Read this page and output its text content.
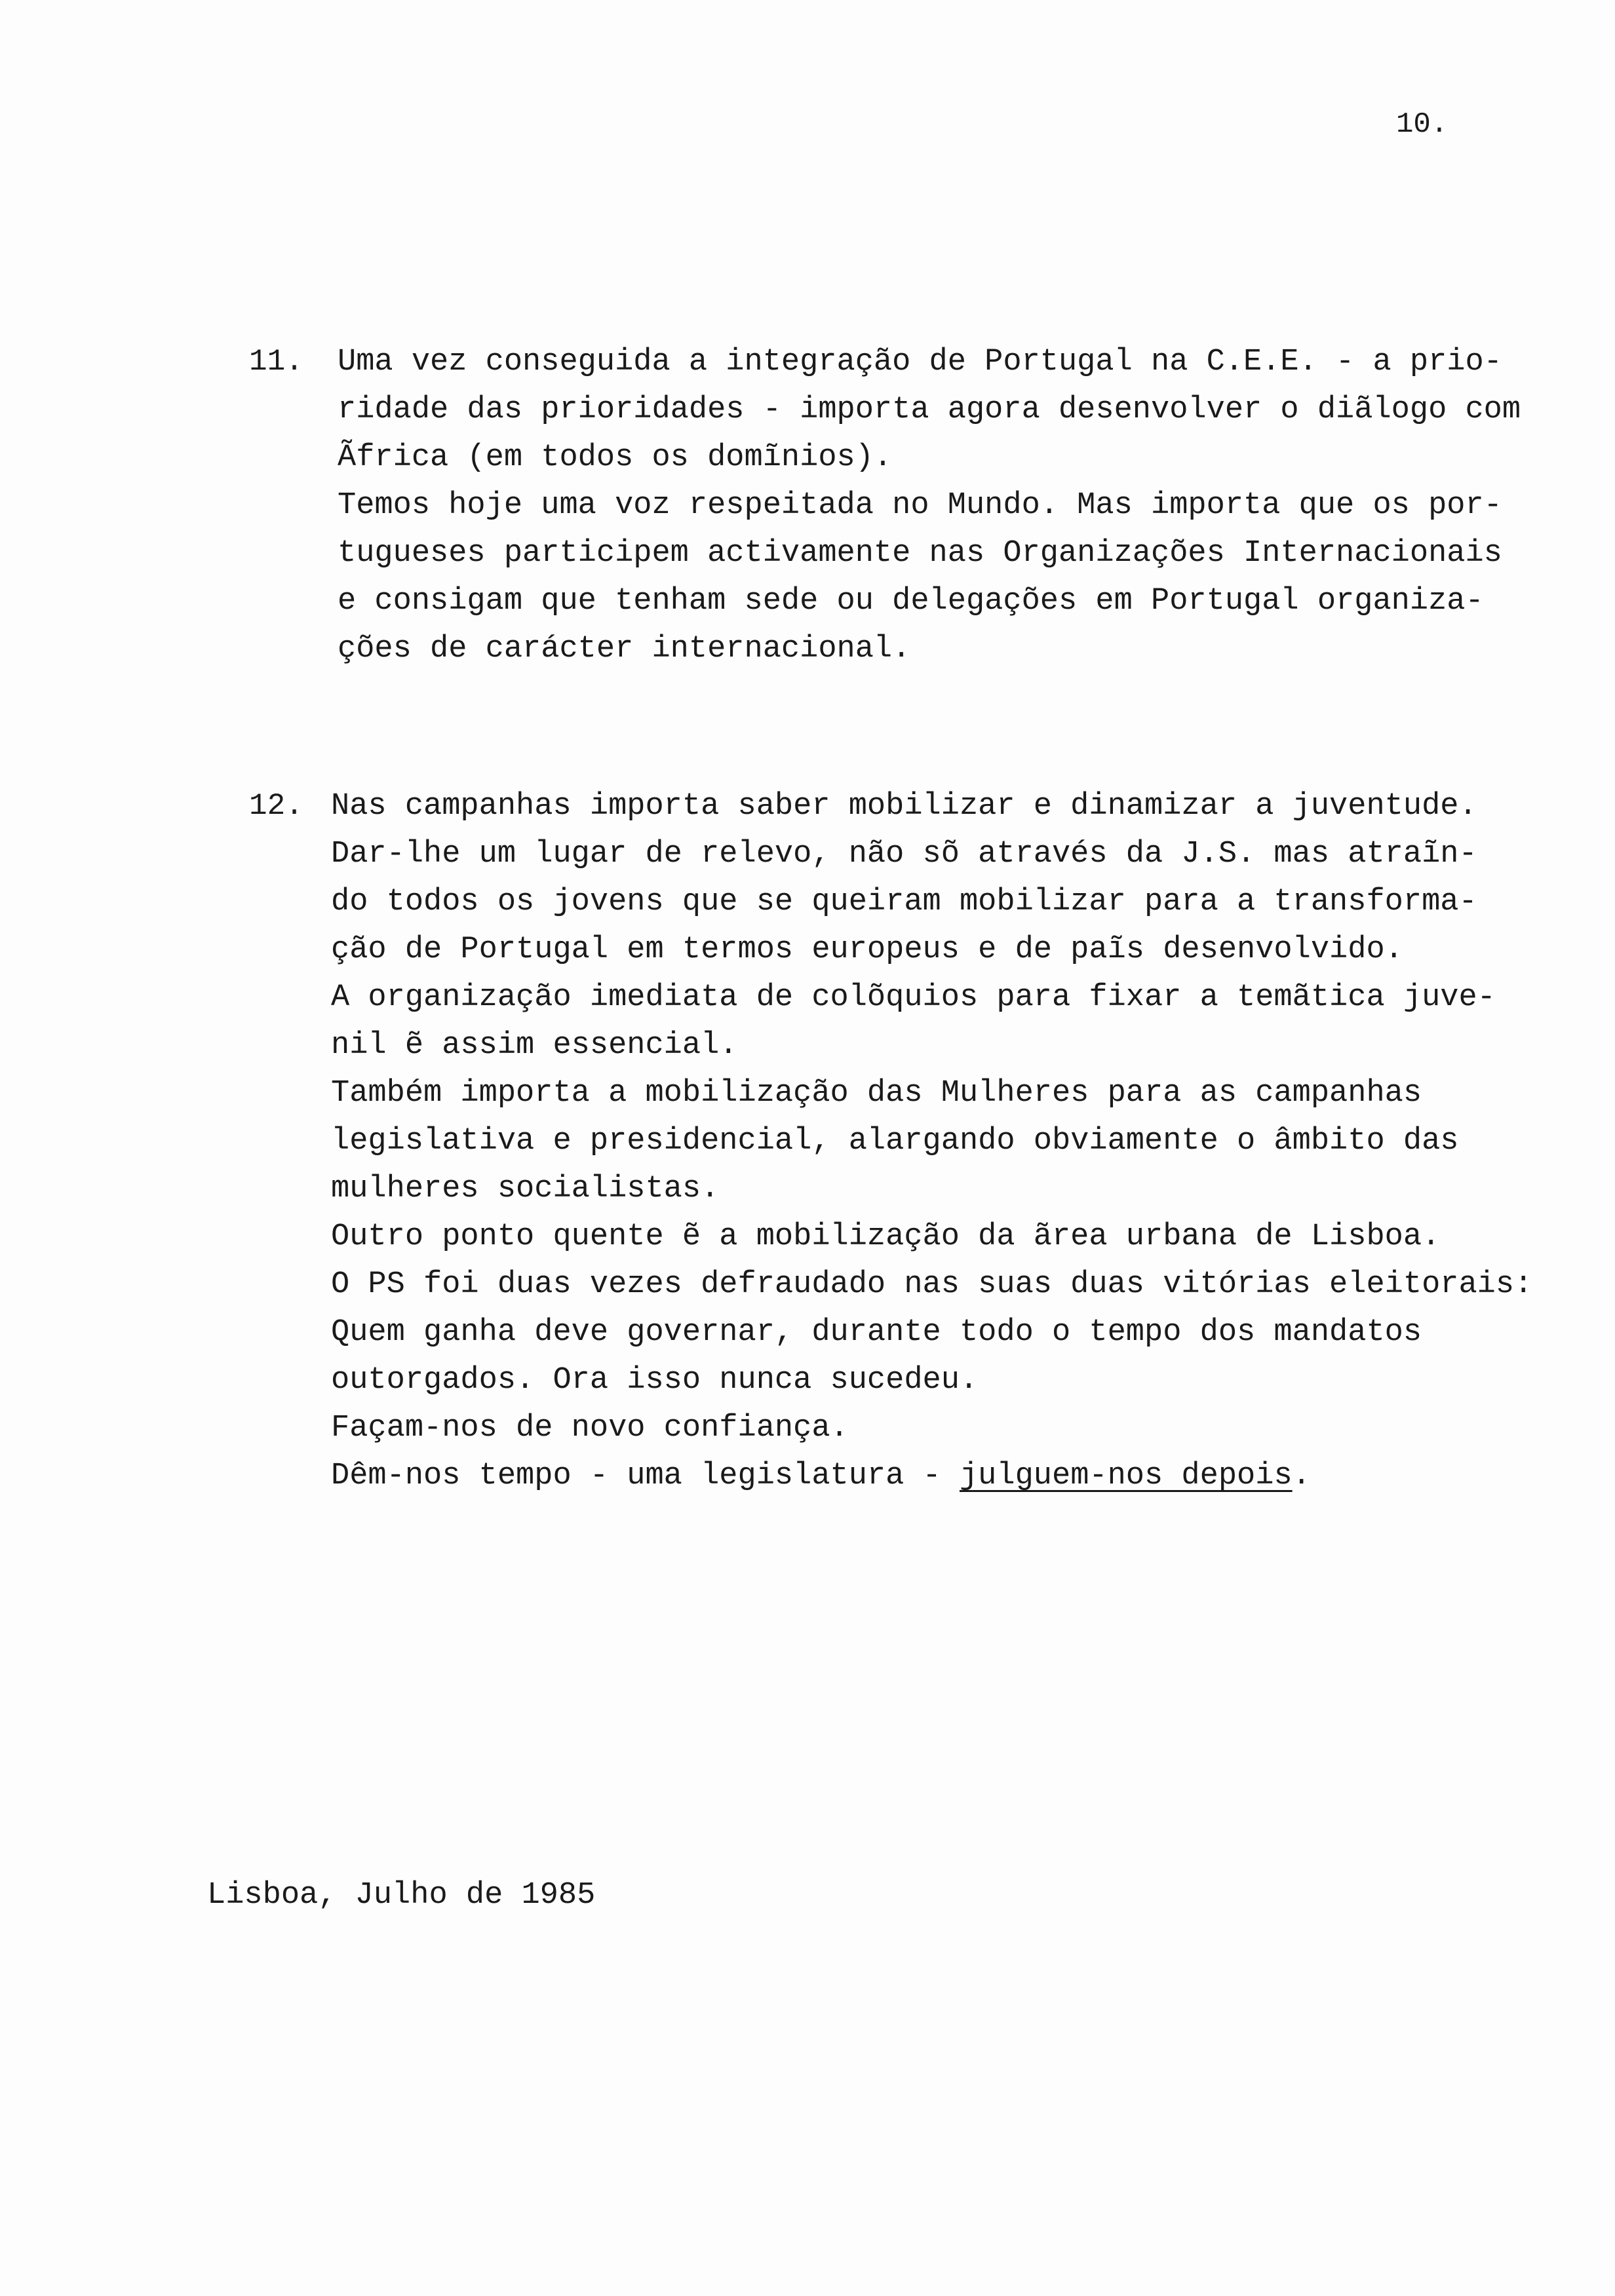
10.
11. Uma vez conseguida a integração de Portugal na C.E.E. - a prio-
ridade das prioridades - importa agora desenvolver o diãlogo com
Ãfrica (em todos os domĩnios).
Temos hoje uma voz respeitada no Mundo. Mas importa que os por-
tugueses participem activamente nas Organizações Internacionais
e consigam que tenham sede ou delegações em Portugal organiza-
ções de carácter internacional.
12. Nas campanhas importa saber mobilizar e dinamizar a juventude.
Dar-lhe um lugar de relevo, não sõ através da J.S. mas atraĩn-
do todos os jovens que se queiram mobilizar para a transforma-
ção de Portugal em termos europeus e de paĩs desenvolvido.
A organização imediata de colõquios para fixar a temãtica juve-
nil ẽ assim essencial.
Também importa a mobilização das Mulheres para as campanhas
legislativa e presidencial, alargando obviamente o âmbito das
mulheres socialistas.
Outro ponto quente ẽ a mobilização da ãrea urbana de Lisboa.
O PS foi duas vezes defraudado nas suas duas vitórias eleitorais:
Quem ganha deve governar, durante todo o tempo dos mandatos
outorgados. Ora isso nunca sucedeu.
Façam-nos de novo confiança.
Dêm-nos tempo - uma legislatura - julguem-nos depois.
Lisboa, Julho de 1985
